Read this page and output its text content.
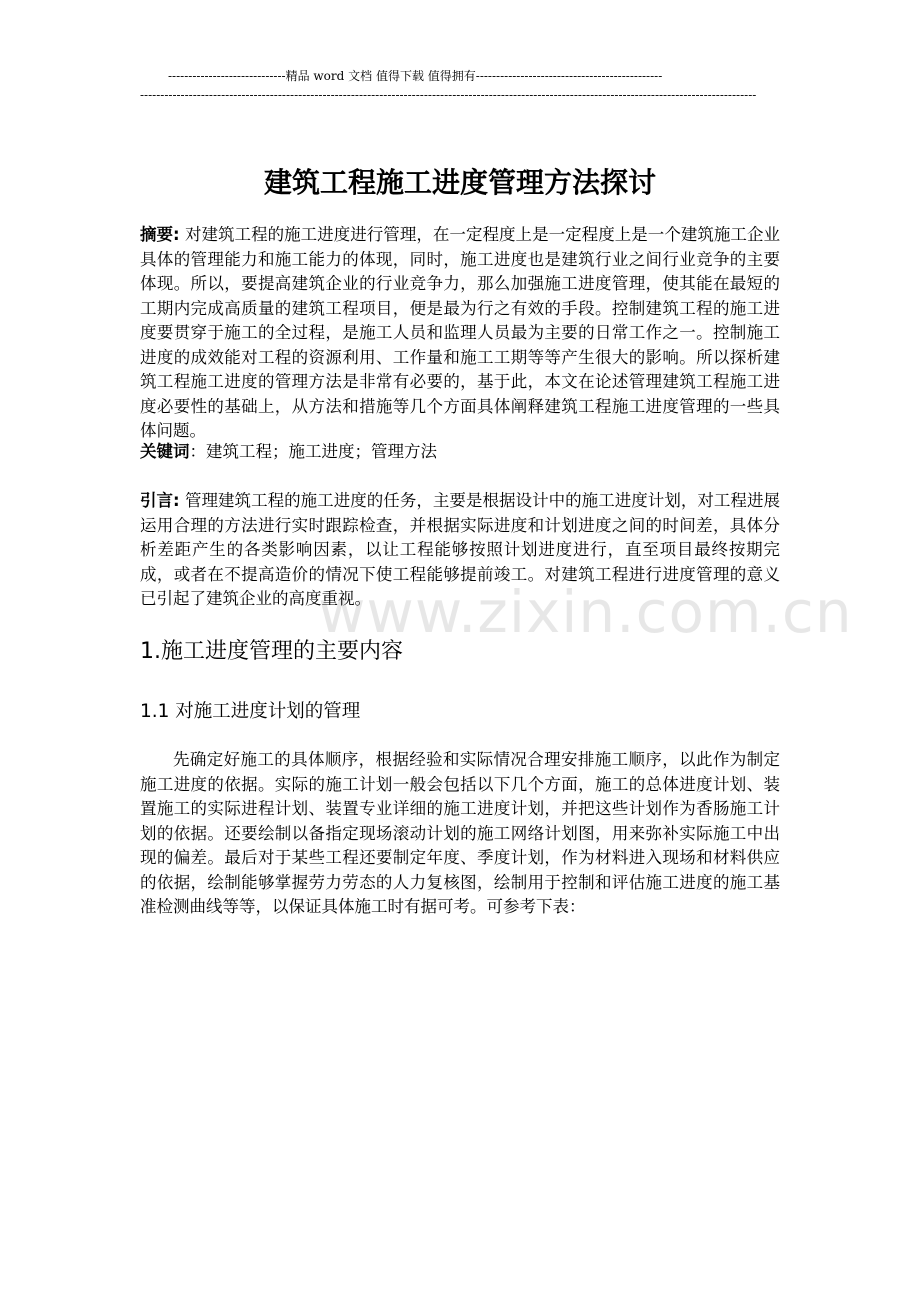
-----------------------------精品 word 文档 值得下载 值得拥有----------------------------------------------
--------------------------------------------------------------------------------------------------------------------------------------------------------
建筑工程施工进度管理方法探讨
摘要: 对建筑工程的施工进度进行管理，在一定程度上是一定程度上是一个建筑施工企业具体的管理能力和施工能力的体现，同时，施工进度也是建筑行业之间行业竞争的主要体现。所以，要提高建筑企业的行业竞争力，那么加强施工进度管理，使其能在最短的工期内完成高质量的建筑工程项目，便是最为行之有效的手段。控制建筑工程的施工进度要贯穿于施工的全过程，是施工人员和监理人员最为主要的日常工作之一。控制施工进度的成效能对工程的资源利用、工作量和施工工期等等产生很大的影响。所以探析建筑工程施工进度的管理方法是非常有必要的，基于此，本文在论述管理建筑工程施工进度必要性的基础上，从方法和措施等几个方面具体阐释建筑工程施工进度管理的一些具体问题。
关键词：建筑工程；施工进度；管理方法
引言: 管理建筑工程的施工进度的任务，主要是根据设计中的施工进度计划，对工程进展运用合理的方法进行实时跟踪检查，并根据实际进度和计划进度之间的时间差，具体分析差距产生的各类影响因素，以让工程能够按照计划进度进行，直至项目最终按期完成，或者在不提高造价的情况下使工程能够提前竣工。对建筑工程进行进度管理的意义已引起了建筑企业的高度重视。
www.zixin.com.cn
1.施工进度管理的主要内容
1.1 对施工进度计划的管理
先确定好施工的具体顺序，根据经验和实际情况合理安排施工顺序，以此作为制定施工进度的依据。实际的施工计划一般会包括以下几个方面，施工的总体进度计划、装置施工的实际进程计划、装置专业详细的施工进度计划，并把这些计划作为香肠施工计划的依据。还要绘制以备指定现场滚动计划的施工网络计划图，用来弥补实际施工中出现的偏差。最后对于某些工程还要制定年度、季度计划，作为材料进入现场和材料供应的依据，绘制能够掌握劳力劳态的人力复核图，绘制用于控制和评估施工进度的施工基准检测曲线等等，以保证具体施工时有据可考。可参考下表：
